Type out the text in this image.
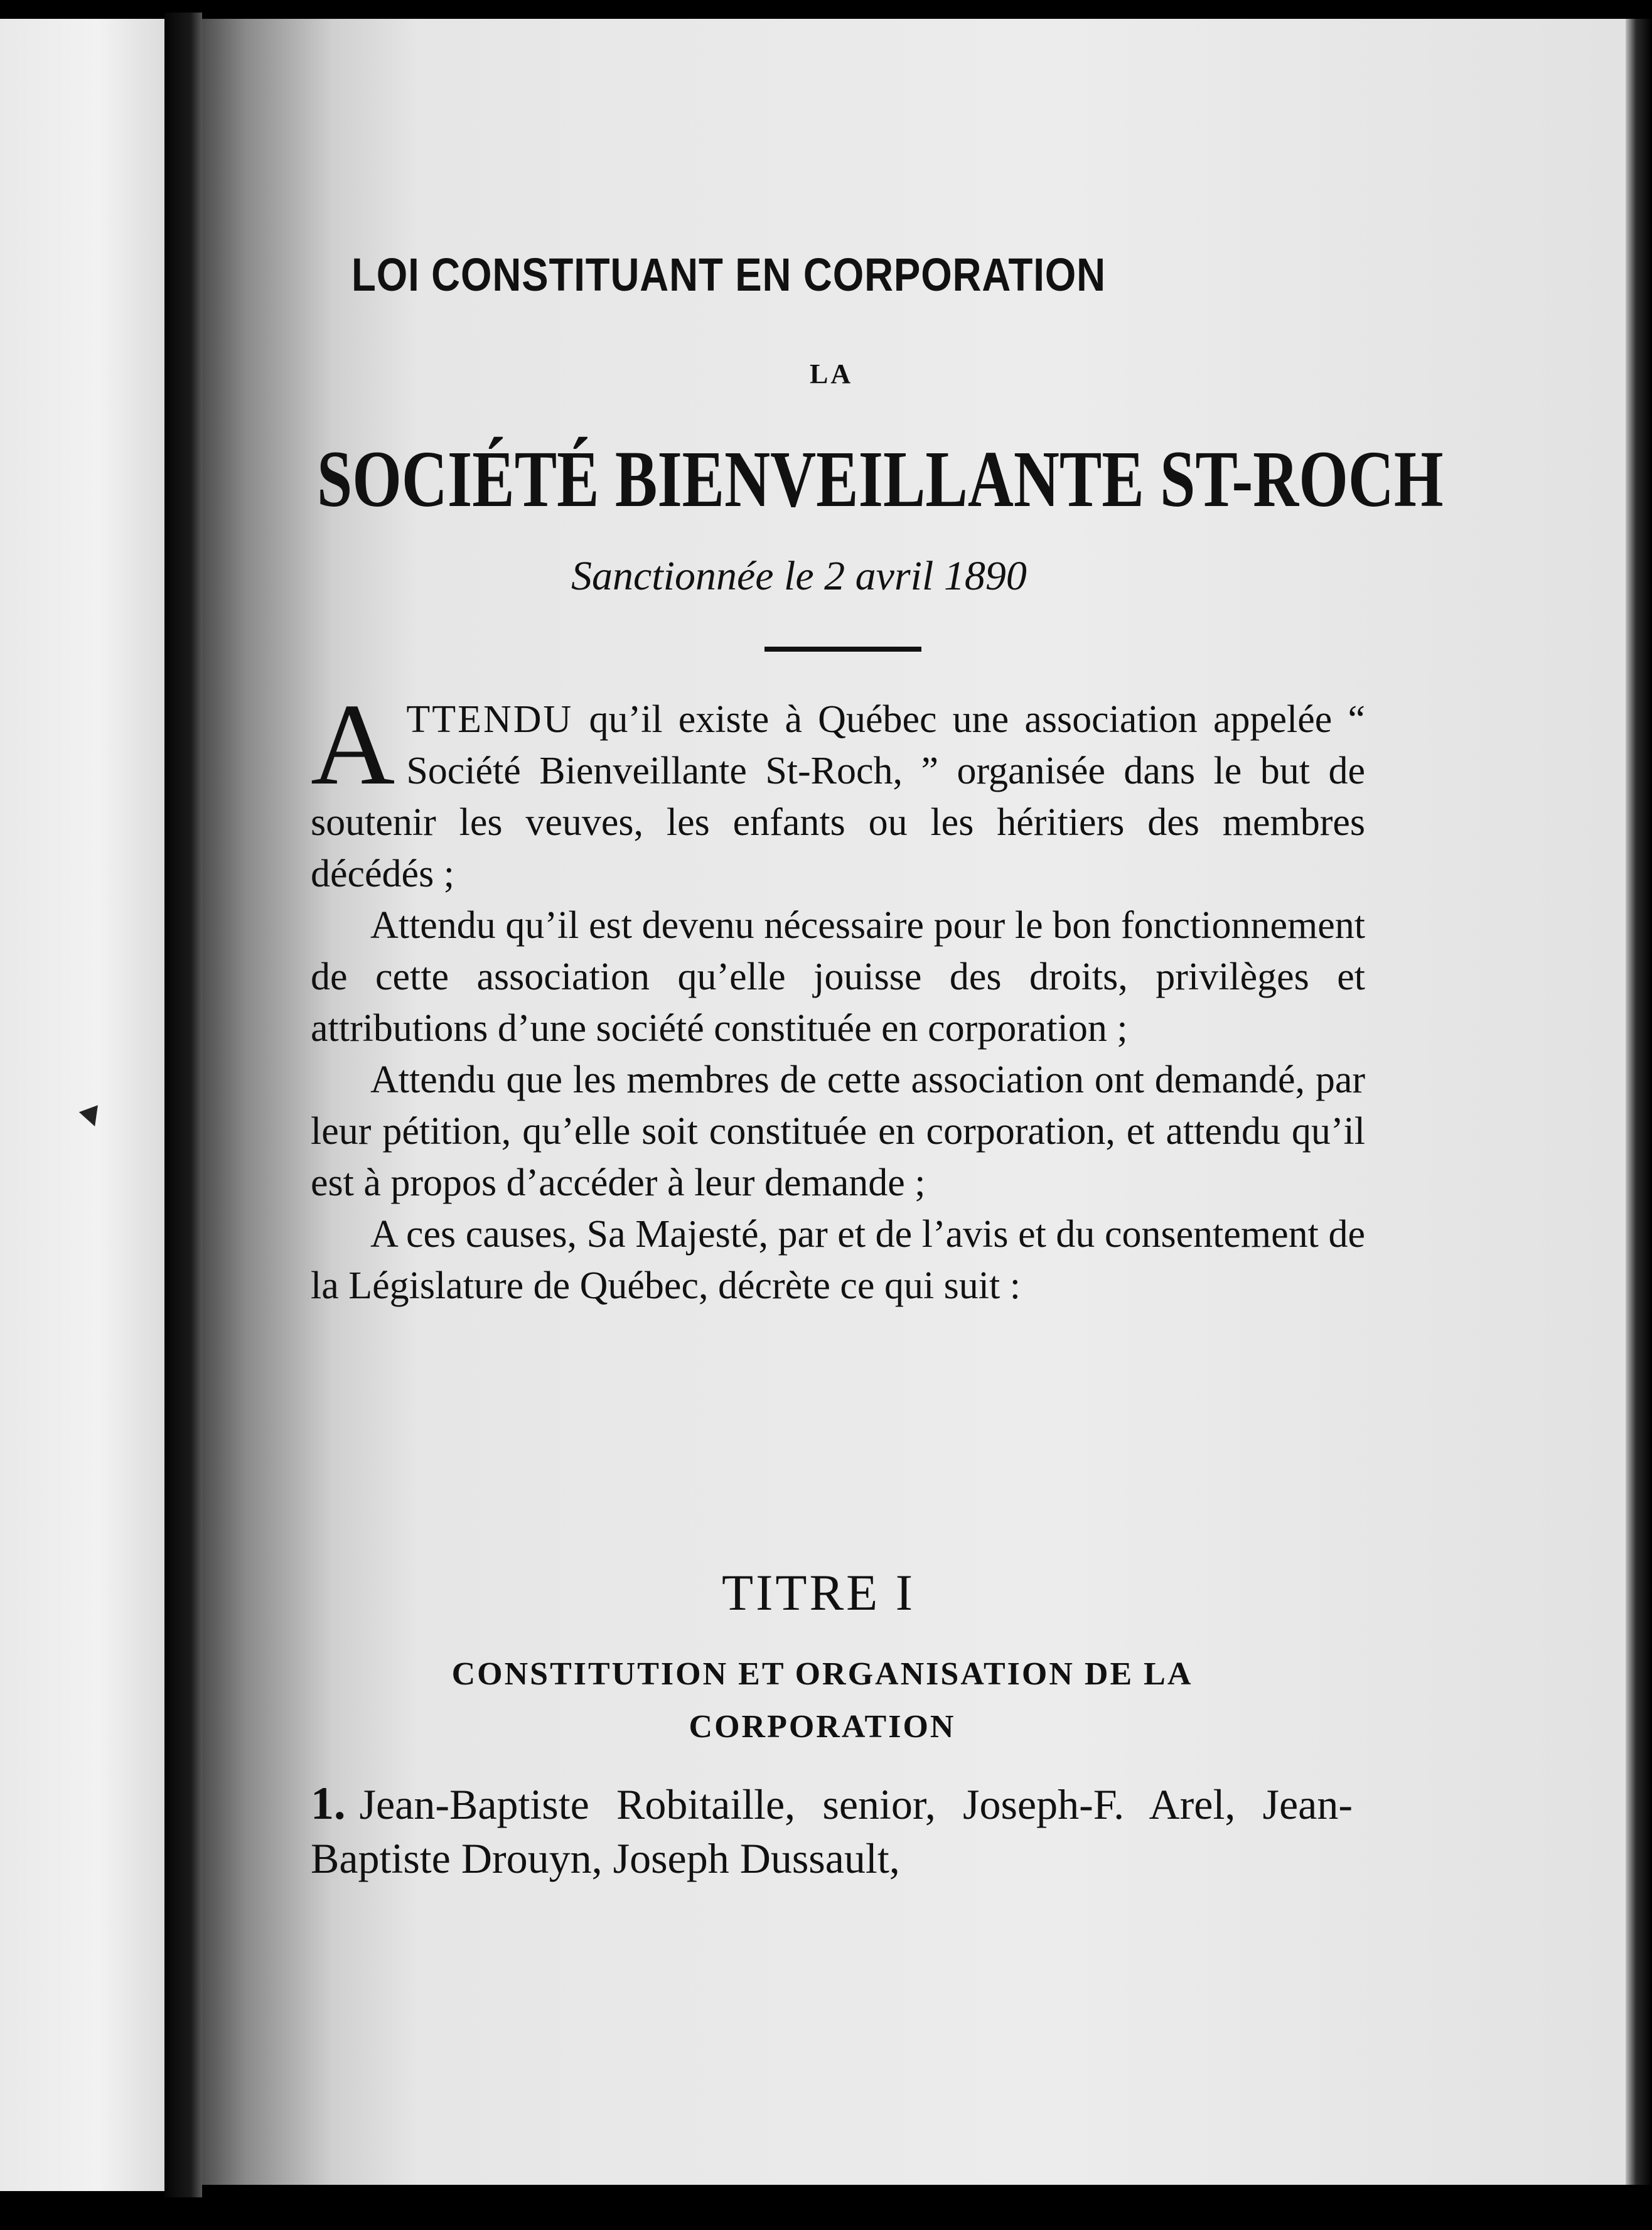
LOI CONSTITUANT EN CORPORATION
LA
SOCIÉTÉ BIENVEILLANTE ST-ROCH
Sanctionnée le 2 avril 1890

ATTENDU qu’il existe à Québec une association appelée “ Société Bienveillante St-Roch, ” organisée dans le but de soutenir les veuves, les enfants ou les héritiers des membres décédés ;

Attendu qu’il est devenu nécessaire pour le bon fonctionnement de cette association qu’elle jouisse des droits, privilèges et attributions d’une société constituée en corporation ;

Attendu que les membres de cette association ont demandé, par leur pétition, qu’elle soit constituée en corporation, et attendu qu’il est à propos d’accéder à leur demande ;

A ces causes, Sa Majesté, par et de l’avis et du consentement de la Législature de Québec, décrète ce qui suit :

TITRE I
CONSTITUTION ET ORGANISATION DE LA CORPORATION
1. Jean-Baptiste Robitaille, senior, Joseph-F. Arel, Jean-Baptiste Drouyn, Joseph Dussault,
